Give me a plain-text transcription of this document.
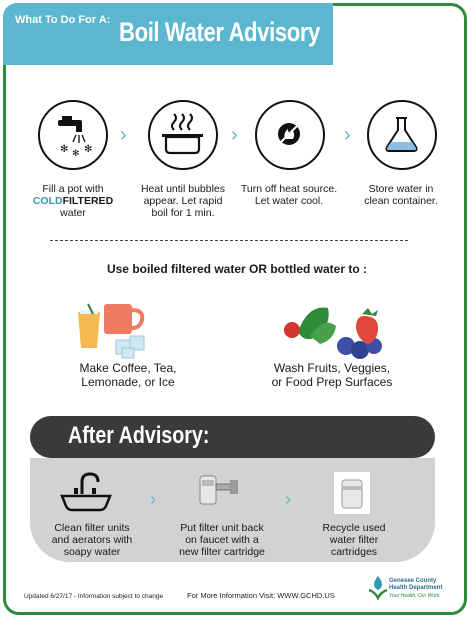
What To Do For A: Boil Water Advisory
✻ ✻ ✻
›	›	›
Fill a pot with
COLDFILTERED
water
Heat until bubbles
appear. Let rapid
boil for 1 min.
Turn off heat source.
Let water cool.
Store water in
clean container.
Use boiled filtered water OR bottled water to :
Make Coffee, Tea,
Lemonade, or Ice
Wash Fruits, Veggies,
or Food Prep Surfaces
After Advisory:
›	›
Clean filter units
and aerators with
soapy water
Put filter unit back
on faucet with a
new filter cartridge
Recycle used
water filter
cartridges
Updated 6/27/17 - Information subject to change	For More Information Visit: WWW.GCHD.US
Genesee County
Health Department
Your Health. Our Work.
